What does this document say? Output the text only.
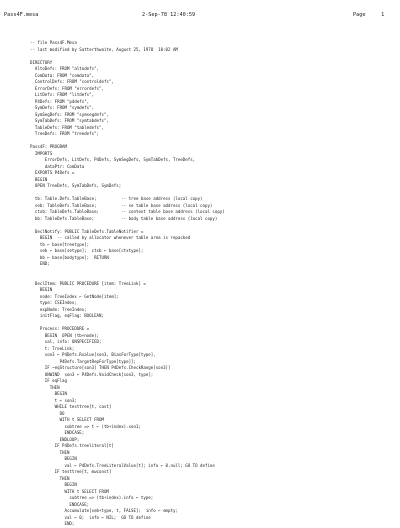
Pass4F.mesa	2-Sep-78 12:40:59	Page	1
-- file Pass4F.Mesa
-- last modified by Satterthwaite, August 25, 1978  10:02 AM
DIRECTORY
AltoDefs: FROM "altodefs",
ComData: FROM "comdata",
ControlDefs: FROM "controldefs",
ErrorDefs: FROM "errordefs",
LitDefs: FROM "litdefs",
P4Defs: FROM "p4defs",
SymDefs: FROM "symdefs",
SymSegDefs: FROM "symsegdefs",
SymTabDefs: FROM "symtabdefs",
TableDefs: FROM "tabledefs",
TreeDefs: FROM "treedefs";
Pass4F: PROGRAM
IMPORTS
ErrorDefs, LitDefs, P4Defs, SymSegDefs, SymTabDefs, TreeDefs,
dataPtr: ComData
EXPORTS P4Defs =
BEGIN
OPEN TreeDefs, SymTabDefs, SymDefs;
tb: Table.Defs.TableBase;          -- tree base address (local copy)
seb: TableDefs.TableBase;          -- se table base address (local copy)
ctxb: TableDefs.TableBase;         -- context table base address (local copy)
bb: TableDefs.TableBase;           -- body table base address (local copy)
DeclNotify: PUBLIC TableDefs.TableNotifier =
BEGIN  -- called by allocator whenever table area is repacked
tb ← base[treetype];
seb ← base[setype];  ctxb ← base[ctxtype];
bb ← base[bodytype];  RETURN
END;
DeclItem: PUBLIC PROCEDURE [item: TreeLink] =
BEGIN
node: TreeIndex ← GetNode[item];
type: CSEIndex;
expNode: TreeIndex;
initFlag, eqFlag: BOOLEAN;
Process: PROCEDURE =
BEGIN  OPEN (tb+node);
val, info: UNSPECIFIED;
t: TreeLink;
son3 ← P4Defs.Rvalue[son3, BiasForType[type],
P4Defs.TargetRepForType[type]];
IF ~eqStructure[son3] THEN P4Defs.CheckRange[son3]]
UNWIND  son3 ← P4Defs.VoidCheck[son3, type];
IF eqFlag
THEN
BEGIN
t ← son3;
WHILE testtree[t, cast]
DO
WITH t SELECT FROM
subtree => t ← (tb+index).son1;
ENDCASE;
ENDLOOP;
IF P4Defs.treeliteral[t]
THEN
BEGIN
val ← P4Defs.TreeLiteralValue[t]; info ← 0.null; GO TO define
IF testtree[t, mwconst]
THEN
BEGIN
WITH t SELECT FROM
subtree => (tb+index).info ← type;
ENDCASE;
Accumulate[seb+type, t, FALSE];  info ← empty;
val ← 0;  info ← NIL;  GO TO define
END;
